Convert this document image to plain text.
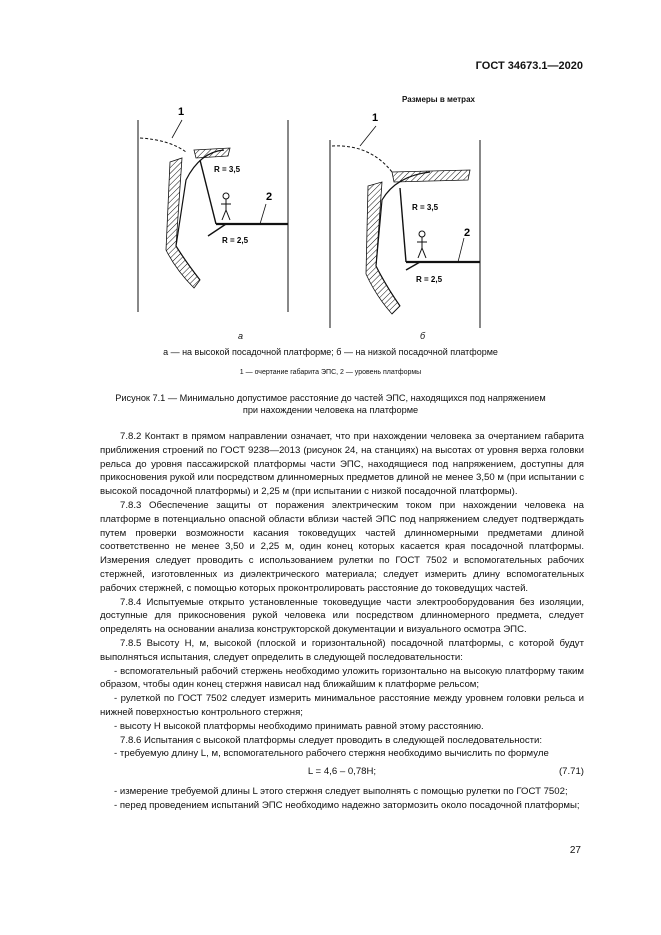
ГОСТ 34673.1—2020
Размеры в метрах
1
R = 3,5
R = 2,5
2
1
R = 3,5
R = 2,5
2
а	б
а — на высокой посадочной платформе; б — на низкой посадочной платформе
1 — очертание габарита ЭПС, 2 — уровень платформы
Рисунок 7.1 — Минимально допустимое расстояние до частей ЭПС, находящихся под напряжением
при нахождении человека на платформе

7.8.2 Контакт в прямом направлении означает, что при нахождении человека за очертанием габарита приближения строений по ГОСТ 9238—2013 (рисунок 24, на станциях) на высотах от уровня верха головки рельса до уровня пассажирской платформы части ЭПС, находящиеся под напряжением, доступны для прикосновения рукой или посредством длинномерных предметов длиной не менее 3,50 м (при испытании с высокой посадочной платформы) и 2,25 м (при испытании с низкой посадочной платформы).

7.8.3 Обеспечение защиты от поражения электрическим током при нахождении человека на платформе в потенциально опасной области вблизи частей ЭПС под напряжением следует подтверждать путем проверки возможности касания токоведущих частей длинномерными предметами длиной соответственно не менее 3,50 и 2,25 м, один конец которых касается края посадочной платформы. Измерения следует проводить с использованием рулетки по ГОСТ 7502 и вспомогательных рабочих стержней, изготовленных из диэлектрического материала; следует измерить длину вспомогательных рабочих стержней, с помощью которых проконтролировать расстояние до токоведущих частей.

7.8.4 Испытуемые открыто установленные токоведущие части электрооборудования без изоляции, доступные для прикосновения рукой человека или посредством длинномерного предмета, следует определять на основании анализа конструкторской документации и визуального осмотра ЭПС.

7.8.5 Высоту Н, м, высокой (плоской и горизонтальной) посадочной платформы, с которой будут выполняться испытания, следует определить в следующей последовательности:

- вспомогательный рабочий стержень необходимо уложить горизонтально на высокую платформу таким образом, чтобы один конец стержня нависал над ближайшим к платформе рельсом;

- рулеткой по ГОСТ 7502 следует измерить минимальное расстояние между уровнем головки рельса и нижней поверхностью контрольного стержня;

- высоту Н высокой платформы необходимо принимать равной этому расстоянию.

7.8.6 Испытания с высокой платформы следует проводить в следующей последовательности:

- требуемую длину L, м, вспомогательного рабочего стержня необходимо вычислить по формуле

L = 4,6 – 0,78H;	(7.71)

- измерение требуемой длины L этого стержня следует выполнять с помощью рулетки по ГОСТ 7502;

- перед проведением испытаний ЭПС необходимо надежно затормозить около посадочной платформы;

27
